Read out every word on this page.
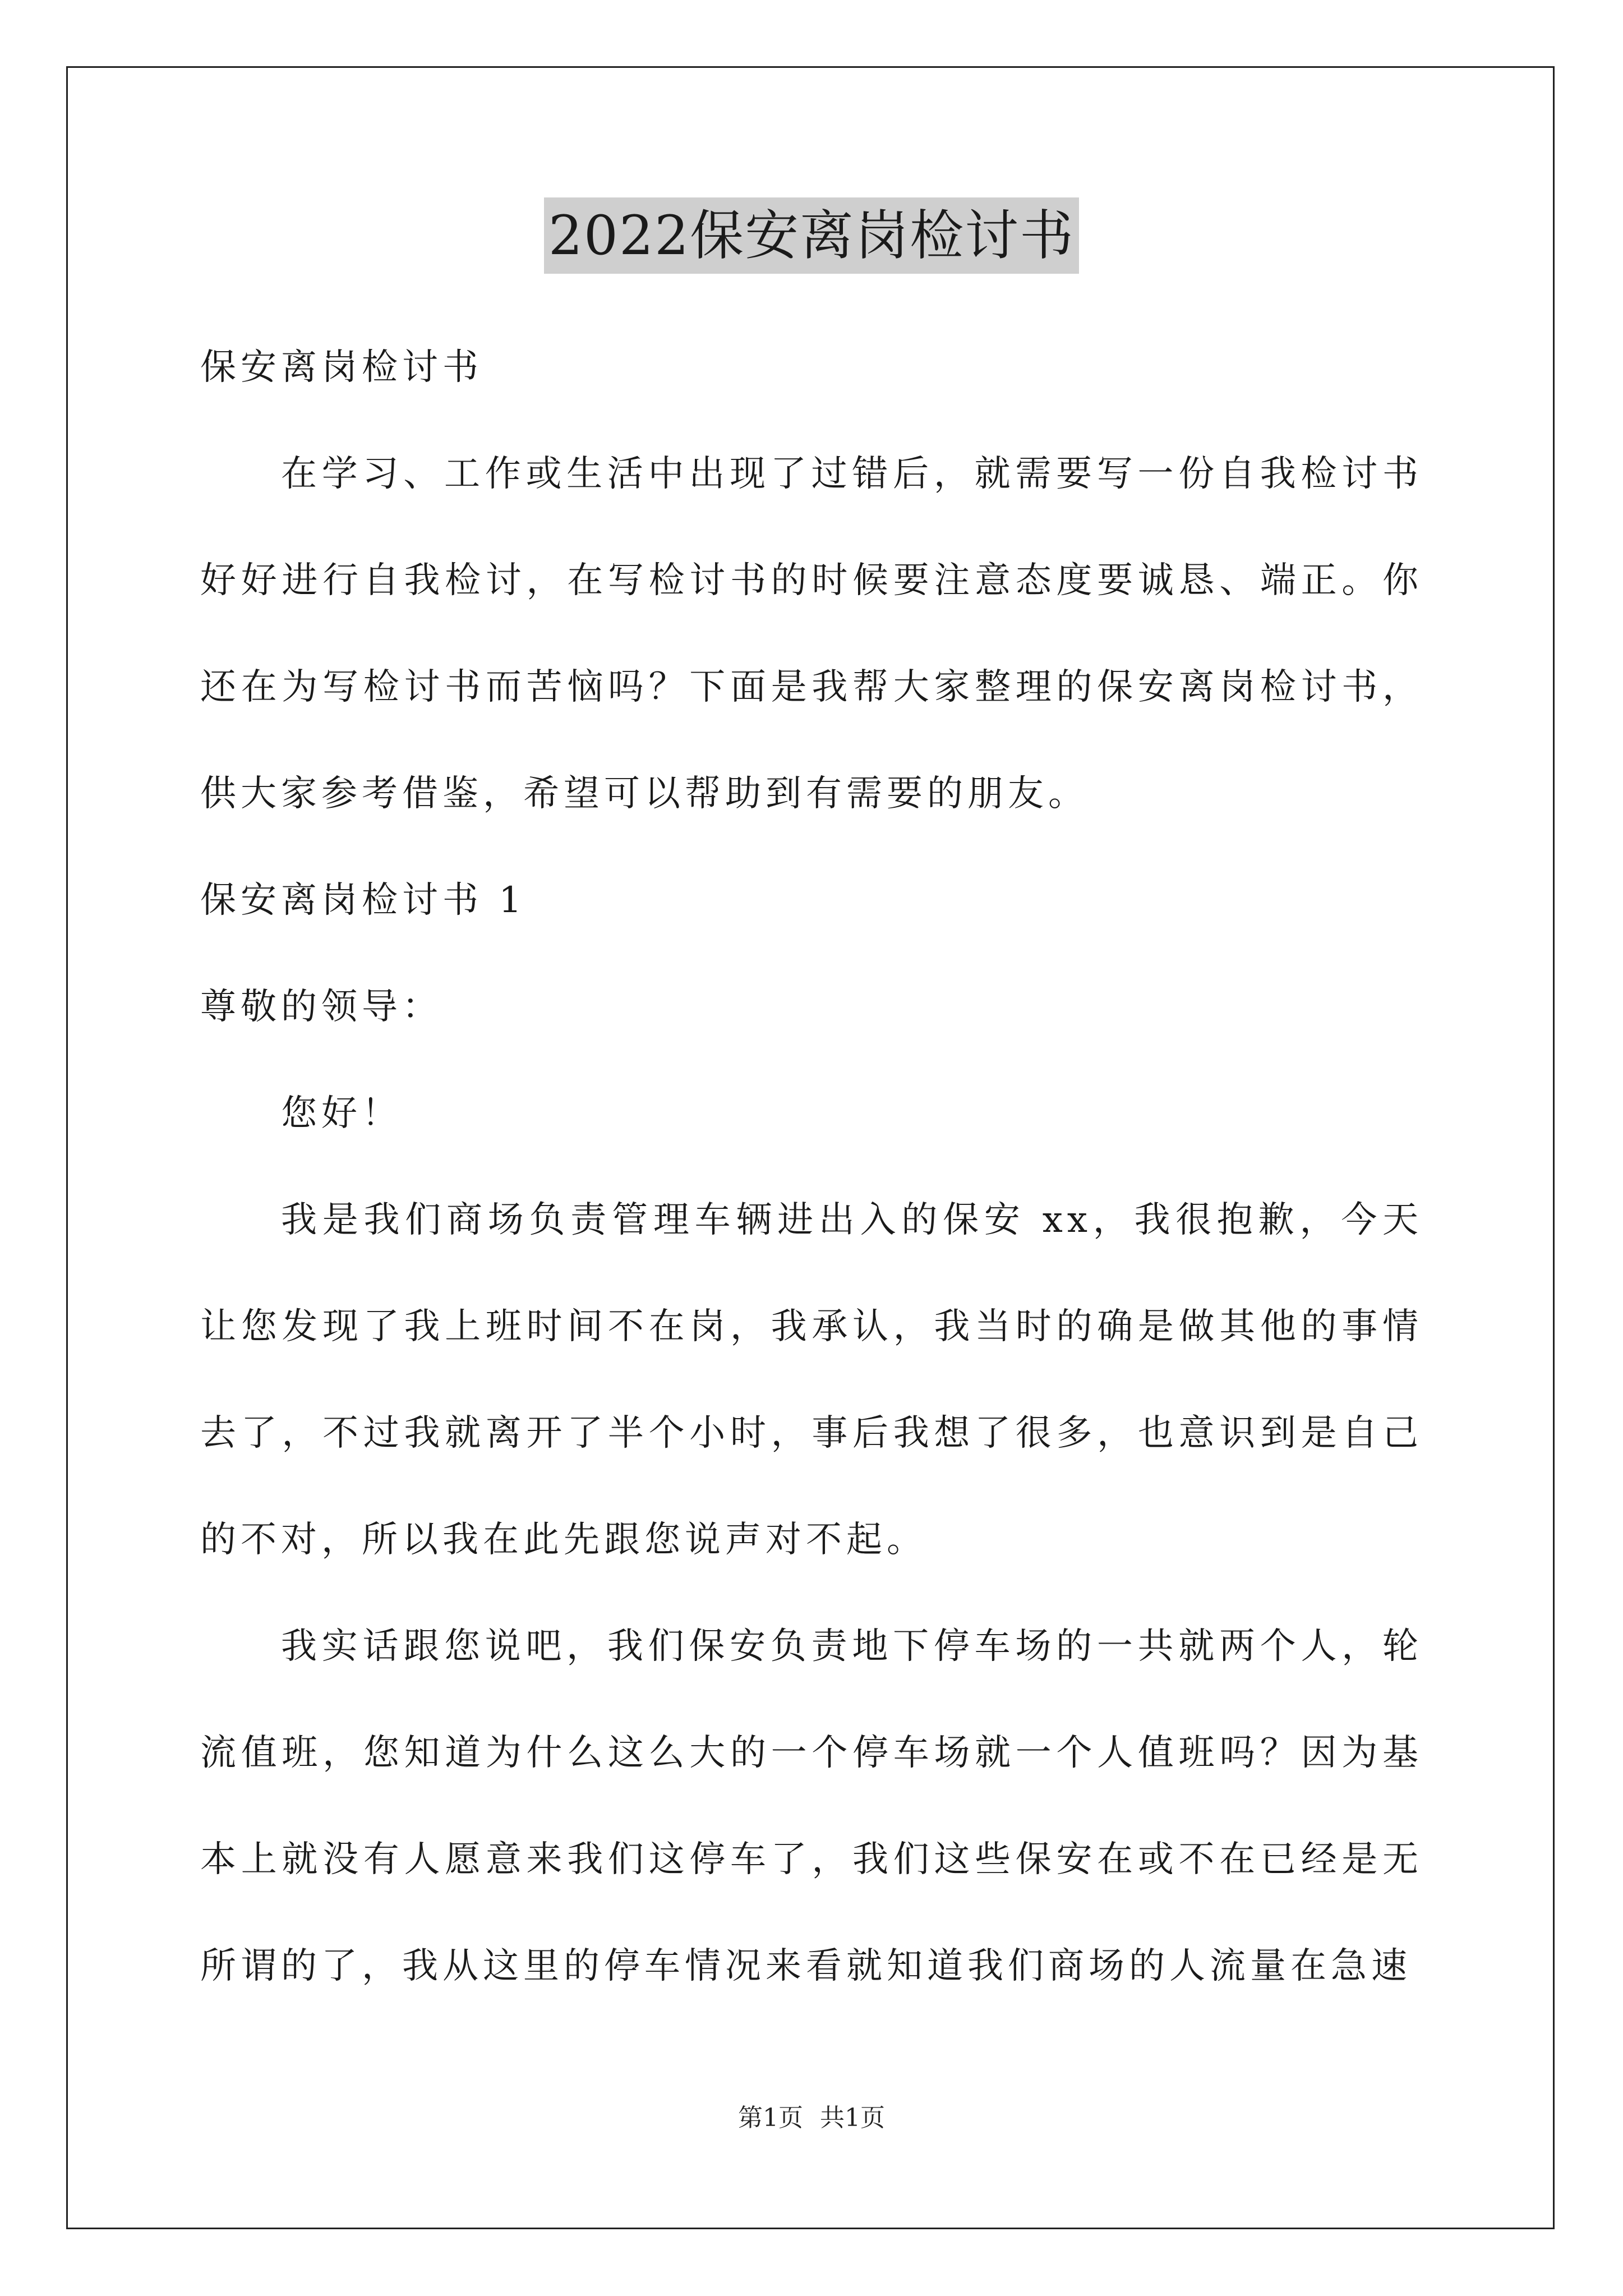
2022保安离岗检讨书

保安离岗检讨书

在学习、工作或生活中出现了过错后，就需要写一份自我检讨书好好进行自我检讨，在写检讨书的时候要注意态度要诚恳、端正。你还在为写检讨书而苦恼吗？下面是我帮大家整理的保安离岗检讨书，供大家参考借鉴，希望可以帮助到有需要的朋友。

保安离岗检讨书 1

尊敬的领导：

您好！

我是我们商场负责管理车辆进出入的保安 xx，我很抱歉，今天让您发现了我上班时间不在岗，我承认，我当时的确是做其他的事情去了，不过我就离开了半个小时，事后我想了很多，也意识到是自己的不对，所以我在此先跟您说声对不起。

我实话跟您说吧，我们保安负责地下停车场的一共就两个人，轮流值班，您知道为什么这么大的一个停车场就一个人值班吗？因为基本上就没有人愿意来我们这停车了，我们这些保安在或不在已经是无所谓的了，我从这里的停车情况来看就知道我们商场的人流量在急速

第1页 共1页
